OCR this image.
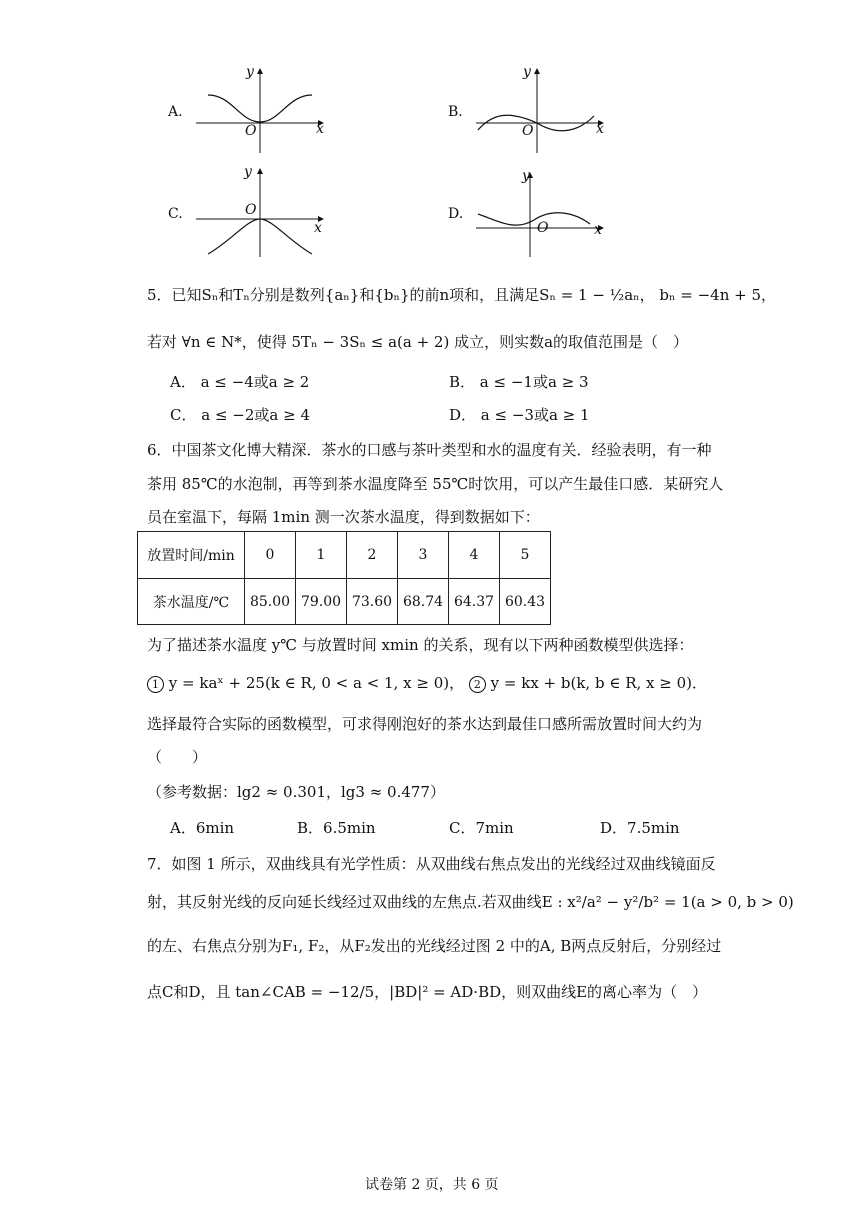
A.
y
O	x
B.
y
O	x
C.
y
O
x
D.
y
O	x
5．已知Sₙ和Tₙ分别是数列{aₙ}和{bₙ}的前n项和，且满足Sₙ = 1 − ½aₙ， bₙ = −4n + 5，
若对 ∀n ∈ N*，使得 5Tₙ − 3Sₙ ≤ a(a + 2) 成立，则实数a的取值范围是（　）
A． a ≤ −4或a ≥ 2	B． a ≤ −1或a ≥ 3
C． a ≤ −2或a ≥ 4	D． a ≤ −3或a ≥ 1
6．中国茶文化博大精深．茶水的口感与茶叶类型和水的温度有关．经验表明，有一种
茶用 85℃的水泡制，再等到茶水温度降至 55℃时饮用，可以产生最佳口感．某研究人
员在室温下，每隔 1min 测一次茶水温度，得到数据如下：
放置时间/min	0	1	2	3	4	5
茶水温度/℃	85.00	79.00	73.60	68.74	64.37	60.43
为了描述茶水温度 y℃ 与放置时间 xmin 的关系，现有以下两种函数模型供选择：
1 y = kaˣ + 25(k ∈ R, 0 < a < 1, x ≥ 0)， 2 y = kx + b(k, b ∈ R, x ≥ 0)．
选择最符合实际的函数模型，可求得刚泡好的茶水达到最佳口感所需放置时间大约为
（　　）
（参考数据：lg2 ≈ 0.301，lg3 ≈ 0.477）
A．6min	B．6.5min	C．7min	D．7.5min
7．如图 1 所示，双曲线具有光学性质：从双曲线右焦点发出的光线经过双曲线镜面反
射，其反射光线的反向延长线经过双曲线的左焦点.若双曲线E : x²/a² − y²/b² = 1(a > 0, b > 0)
的左、右焦点分别为F₁, F₂，从F₂发出的光线经过图 2 中的A, B两点反射后，分别经过
点C和D，且 tan∠CAB = −12/5，|BD|² = AD·BD，则双曲线E的离心率为（　）
试卷第 2 页，共 6 页
